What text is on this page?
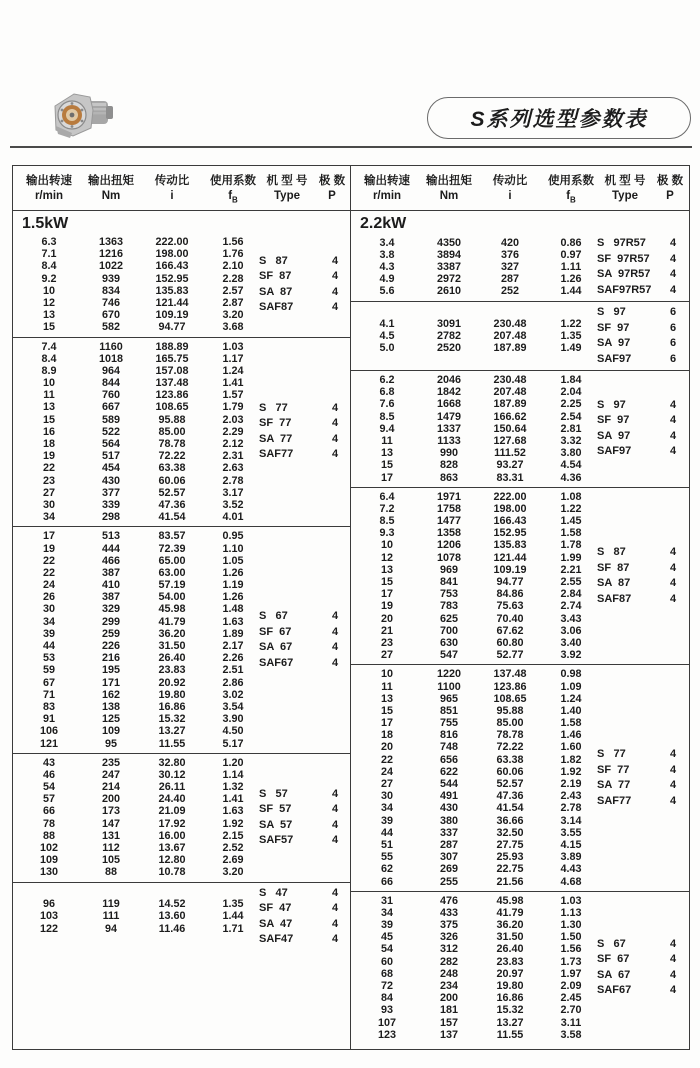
S系列选型参数表
输出转速	输出扭矩	传动比	使用系数 机 型 号 极 数
r/min	Nm	i	$f_B$	Type	P
1.5kW
6.3	1363	222.00	1.56
7.1	1216	198.00	1.76
8.4	1022	166.43	2.10
9.2	939	152.95	2.28
10	834	135.83	2.57
12	746	121.44	2.87
13	670	109.19	3.20
15	582	94.77	3.68
S   87	4
SF  87	4
SA  87	4
SAF87	4
7.4	1160	188.89	1.03
8.4	1018	165.75	1.17
8.9	964	157.08	1.24
10	844	137.48	1.41
11	760	123.86	1.57
13	667	108.65	1.79
15	589	95.88	2.03
16	522	85.00	2.29
18	564	78.78	2.12
19	517	72.22	2.31
22	454	63.38	2.63
23	430	60.06	2.78
27	377	52.57	3.17
30	339	47.36	3.52
34	298	41.54	4.01
S   77	4
SF  77	4
SA  77	4
SAF77	4
17	513	83.57	0.95
19	444	72.39	1.10
22	466	65.00	1.05
22	387	63.00	1.26
24	410	57.19	1.19
26	387	54.00	1.26
30	329	45.98	1.48
34	299	41.79	1.63
39	259	36.20	1.89
44	226	31.50	2.17
53	216	26.40	2.26
59	195	23.83	2.51
67	171	20.92	2.86
71	162	19.80	3.02
83	138	16.86	3.54
91	125	15.32	3.90
106	109	13.27	4.50
121	95	11.55	5.17
S   67	4
SF  67	4
SA  67	4
SAF67	4
43	235	32.80	1.20
46	247	30.12	1.14
54	214	26.11	1.32
57	200	24.40	1.41
66	173	21.09	1.63
78	147	17.92	1.92
88	131	16.00	2.15
102	112	13.67	2.52
109	105	12.80	2.69
130	88	10.78	3.20
S   57	4
SF  57	4
SA  57	4
SAF57	4
96	119	14.52	1.35
103	111	13.60	1.44
122	94	11.46	1.71
S   47	4
SF  47	4
SA  47	4
SAF47	4
输出转速	输出扭矩	传动比	使用系数 机 型 号 极 数
r/min	Nm	i	$f_B$	Type	P
2.2kW
3.4	4350	420	0.86
3.8	3894	376	0.97
4.3	3387	327	1.11
4.9	2972	287	1.26
5.6	2610	252	1.44
S   97R57	4
SF  97R57	4
SA  97R57	4
SAF97R57	4
4.1	3091	230.48	1.22
4.5	2782	207.48	1.35
5.0	2520	187.89	1.49
S   97	6
SF  97	6
SA  97	6
SAF97	6
6.2	2046	230.48	1.84
6.8	1842	207.48	2.04
7.6	1668	187.89	2.25
8.5	1479	166.62	2.54
9.4	1337	150.64	2.81
11	1133	127.68	3.32
13	990	111.52	3.80
15	828	93.27	4.54
17	863	83.31	4.36
S   97	4
SF  97	4
SA  97	4
SAF97	4
6.4	1971	222.00	1.08
7.2	1758	198.00	1.22
8.5	1477	166.43	1.45
9.3	1358	152.95	1.58
10	1206	135.83	1.78
12	1078	121.44	1.99
13	969	109.19	2.21
15	841	94.77	2.55
17	753	84.86	2.84
19	783	75.63	2.74
20	625	70.40	3.43
21	700	67.62	3.06
23	630	60.80	3.40
27	547	52.77	3.92
S   87	4
SF  87	4
SA  87	4
SAF87	4
10	1220	137.48	0.98
11	1100	123.86	1.09
13	965	108.65	1.24
15	851	95.88	1.40
17	755	85.00	1.58
18	816	78.78	1.46
20	748	72.22	1.60
22	656	63.38	1.82
24	622	60.06	1.92
27	544	52.57	2.19
30	491	47.36	2.43
34	430	41.54	2.78
39	380	36.66	3.14
44	337	32.50	3.55
51	287	27.75	4.15
55	307	25.93	3.89
62	269	22.75	4.43
66	255	21.56	4.68
S   77	4
SF  77	4
SA  77	4
SAF77	4
31	476	45.98	1.03
34	433	41.79	1.13
39	375	36.20	1.30
45	326	31.50	1.50
54	312	26.40	1.56
60	282	23.83	1.73
68	248	20.97	1.97
72	234	19.80	2.09
84	200	16.86	2.45
93	181	15.32	2.70
107	157	13.27	3.11
123	137	11.55	3.58
S   67	4
SF  67	4
SA  67	4
SAF67	4
